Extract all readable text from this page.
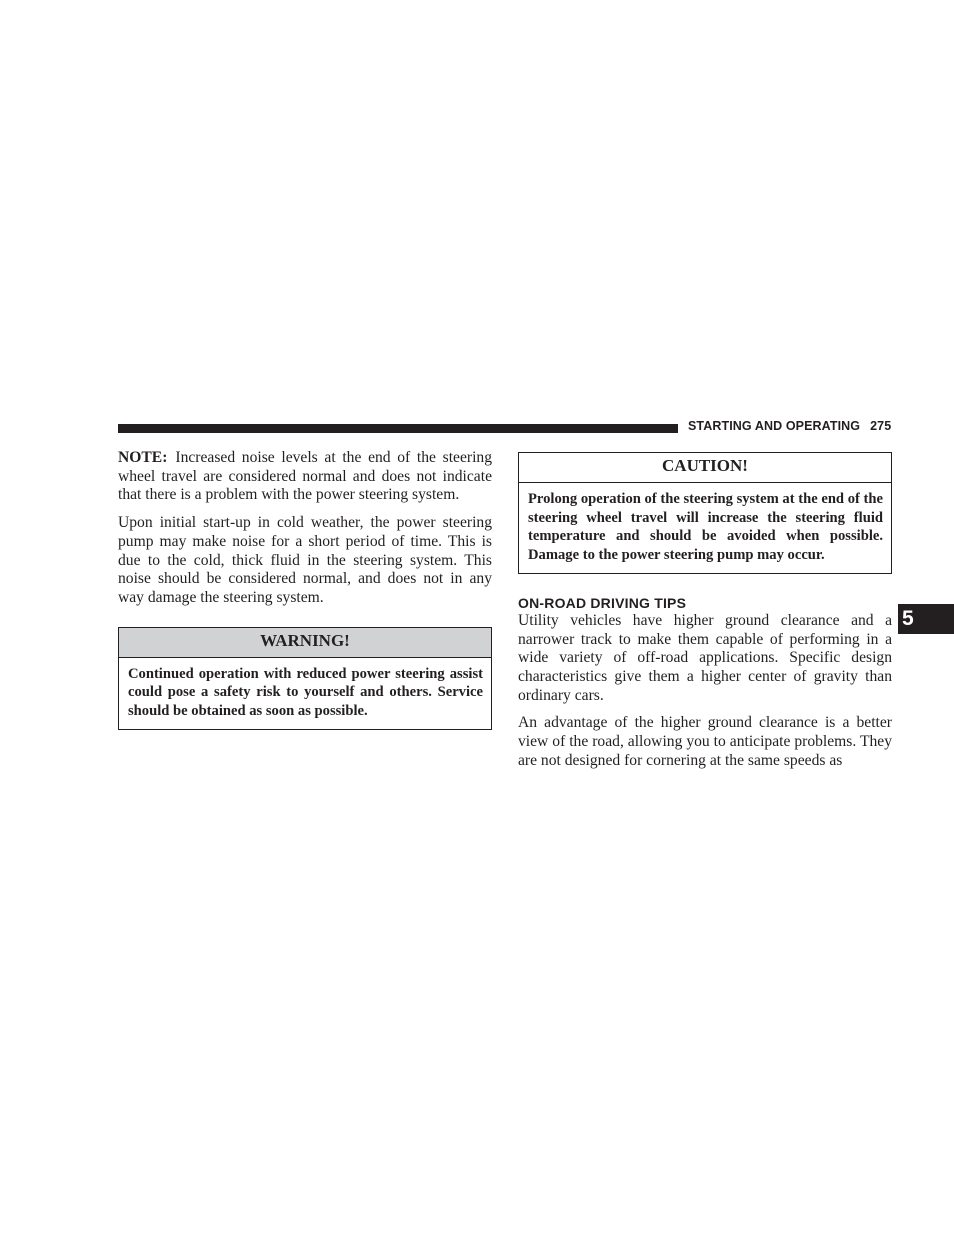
STARTING AND OPERATING 275

NOTE: Increased noise levels at the end of the steering wheel travel are considered normal and does not indicate that there is a problem with the power steering system.

Upon initial start-up in cold weather, the power steering pump may make noise for a short period of time. This is due to the cold, thick fluid in the steering system. This noise should be considered normal, and does not in any way damage the steering system.

WARNING!
Continued operation with reduced power steering assist could pose a safety risk to yourself and others. Service should be obtained as soon as possible.
CAUTION!
Prolong operation of the steering system at the end of the steering wheel travel will increase the steering fluid temperature and should be avoided when possible. Damage to the power steering pump may occur.
ON-ROAD DRIVING TIPS

Utility vehicles have higher ground clearance and a narrower track to make them capable of performing in a wide variety of off-road applications. Specific design characteristics give them a higher center of gravity than ordinary cars.

An advantage of the higher ground clearance is a better view of the road, allowing you to anticipate problems. They are not designed for cornering at the same speeds as

5
